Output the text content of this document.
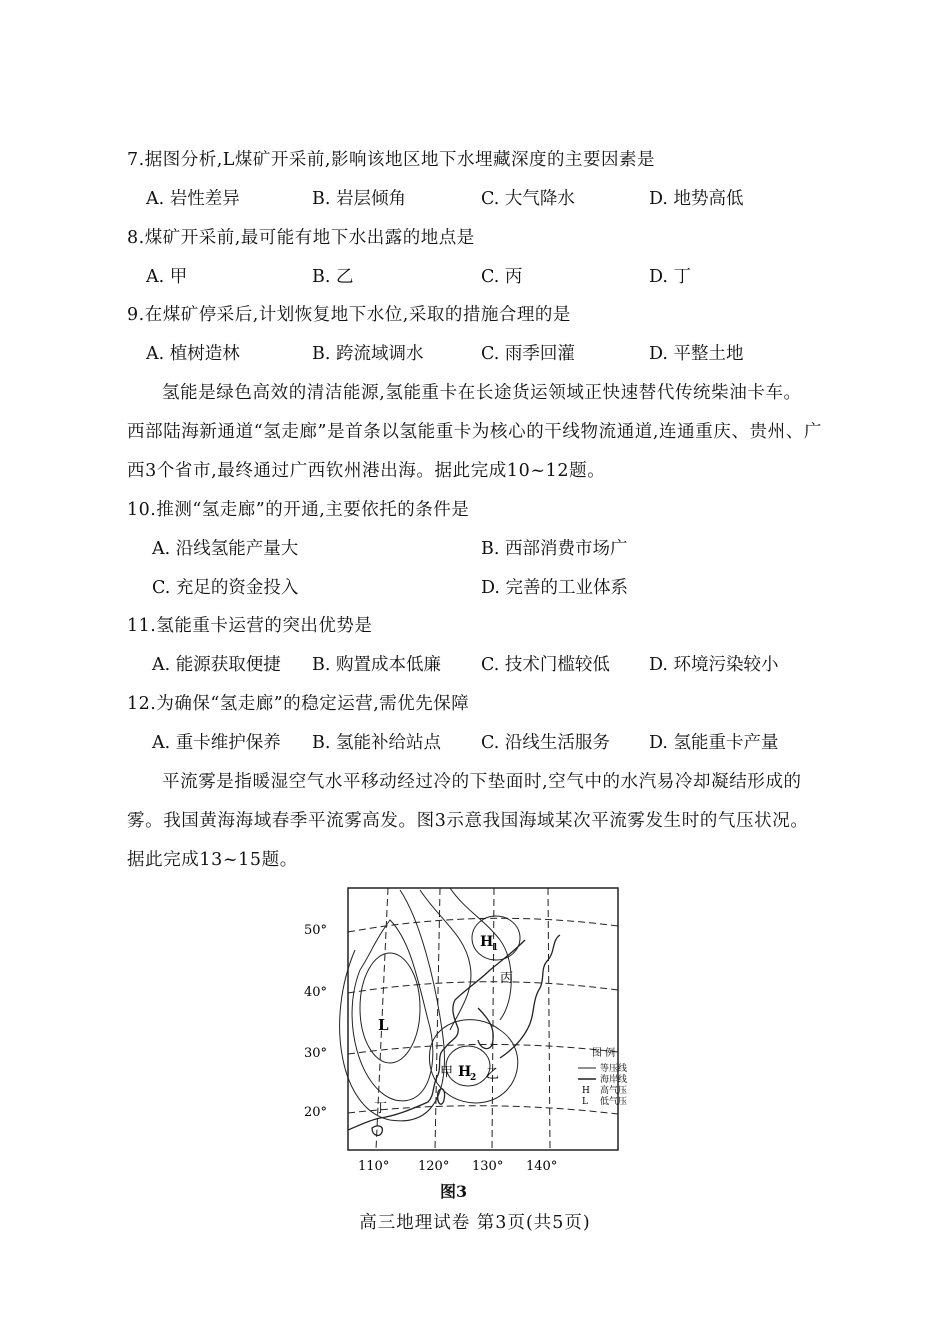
7.据图分析,L煤矿开采前,影响该地区地下水埋藏深度的主要因素是
A. 岩性差异	B. 岩层倾角	C. 大气降水	D. 地势高低
8.煤矿开采前,最可能有地下水出露的地点是
A. 甲	B. 乙	C. 丙	D. 丁
9.在煤矿停采后,计划恢复地下水位,采取的措施合理的是
A. 植树造林	B. 跨流域调水	C. 雨季回灌	D. 平整土地
氢能是绿色高效的清洁能源,氢能重卡在长途货运领域正快速替代传统柴油卡车。
西部陆海新通道“氢走廊”是首条以氢能重卡为核心的干线物流通道,连通重庆、贵州、广
西3个省市,最终通过广西钦州港出海。据此完成10~12题。
10.推测“氢走廊”的开通,主要依托的条件是
A. 沿线氢能产量大	B. 西部消费市场广
C. 充足的资金投入	D. 完善的工业体系
11.氢能重卡运营的突出优势是
A. 能源获取便捷 B. 购置成本低廉 C. 技术门槛较低 D. 环境污染较小
12.为确保“氢走廊”的稳定运营,需优先保障
A. 重卡维护保养 B. 氢能补给站点 C. 沿线生活服务 D. 氢能重卡产量
平流雾是指暖湿空气水平移动经过冷的下垫面时,空气中的水汽易冷却凝结形成的
雾。我国黄海海域春季平流雾高发。图3示意我国海域某次平流雾发生时的气压状况。
据此完成13~15题。
50°
40°
30°
20°
110° 120° 130° 140°
L
H
1
H
2
甲	乙
丙
丁
图 例
等压线
海岸线
H 高气压
L 低气压
图3
高三地理试卷 第3页(共5页)
